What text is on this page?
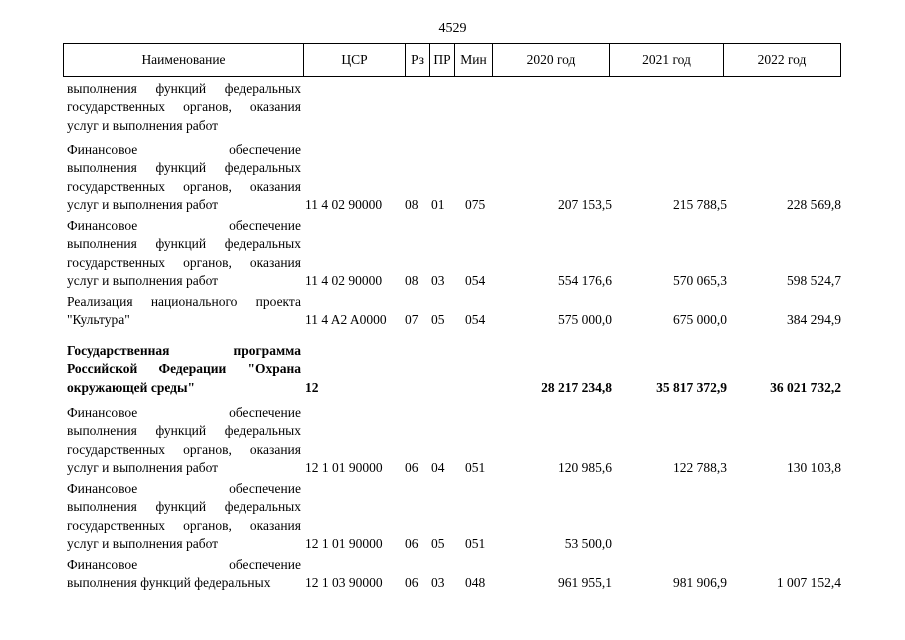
4529
Наименование	ЦСР	Рз ПР Мин	2020 год	2021 год	2022 год
выполнения функций федеральных
государственных органов, оказания
услуг и выполнения работ
Финансовое обеспечение
выполнения функций федеральных
государственных органов, оказания
услуг и выполнения работ	11 4 02 90000 08 01 075	207 153,5	215 788,5	228 569,8
Финансовое обеспечение
выполнения функций федеральных
государственных органов, оказания
услуг и выполнения работ	11 4 02 90000 08 03 054	554 176,6	570 065,3	598 524,7
Реализация национального проекта
"Культура"	11 4 A2 A0000 07 05 054	575 000,0	675 000,0	384 294,9
Государственная программа
Российской Федерации "Охрана
окружающей среды"	12	28 217 234,8	35 817 372,9	36 021 732,2
Финансовое обеспечение
выполнения функций федеральных
государственных органов, оказания
услуг и выполнения работ	12 1 01 90000 06 04 051	120 985,6	122 788,3	130 103,8
Финансовое обеспечение
выполнения функций федеральных
государственных органов, оказания
услуг и выполнения работ	12 1 01 90000 06 05 051	53 500,0
Финансовое обеспечение
выполнения функций федеральных	12 1 03 90000 06 03 048	961 955,1	981 906,9	1 007 152,4
